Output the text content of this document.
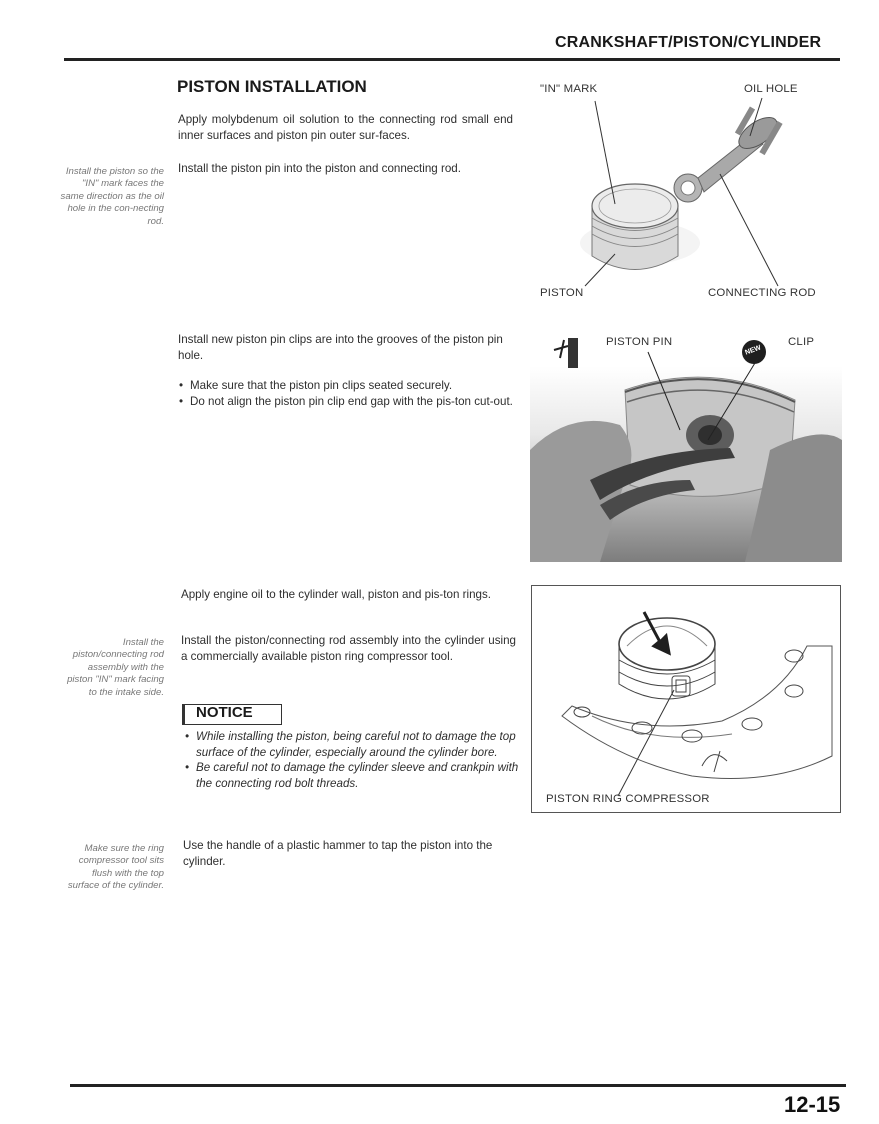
CRANKSHAFT/PISTON/CYLINDER
PISTON INSTALLATION
Apply molybdenum oil solution to the connecting rod small end inner surfaces and piston pin outer sur-faces.
Install the piston pin into the piston and connecting rod.
Install the piston so the "IN" mark faces the same direction as the oil hole in the con-necting rod.
"IN" MARK	OIL HOLE
PISTON	CONNECTING ROD
Install new piston pin clips are into the grooves of the piston pin hole.
• Make sure that the piston pin clips seated securely.
• Do not align the piston pin clip end gap with the pis-ton cut-out.
NEW
PISTON PIN	CLIP
Apply engine oil to the cylinder wall, piston and pis-ton rings.
Install the piston/connecting rod assembly into the cylinder using a commercially available piston ring compressor tool.
Install the piston/connecting rod assembly with the piston "IN" mark facing to the intake side.
NOTICE
• While installing the piston, being careful not to damage the top surface of the cylinder, especially around the cylinder bore.
• Be careful not to damage the cylinder sleeve and crankpin with the connecting rod bolt threads.
PISTON RING COMPRESSOR
Use the handle of a plastic hammer to tap the piston into the cylinder.
Make sure the ring compressor tool sits flush with the top surface of the cylinder.
12-15
